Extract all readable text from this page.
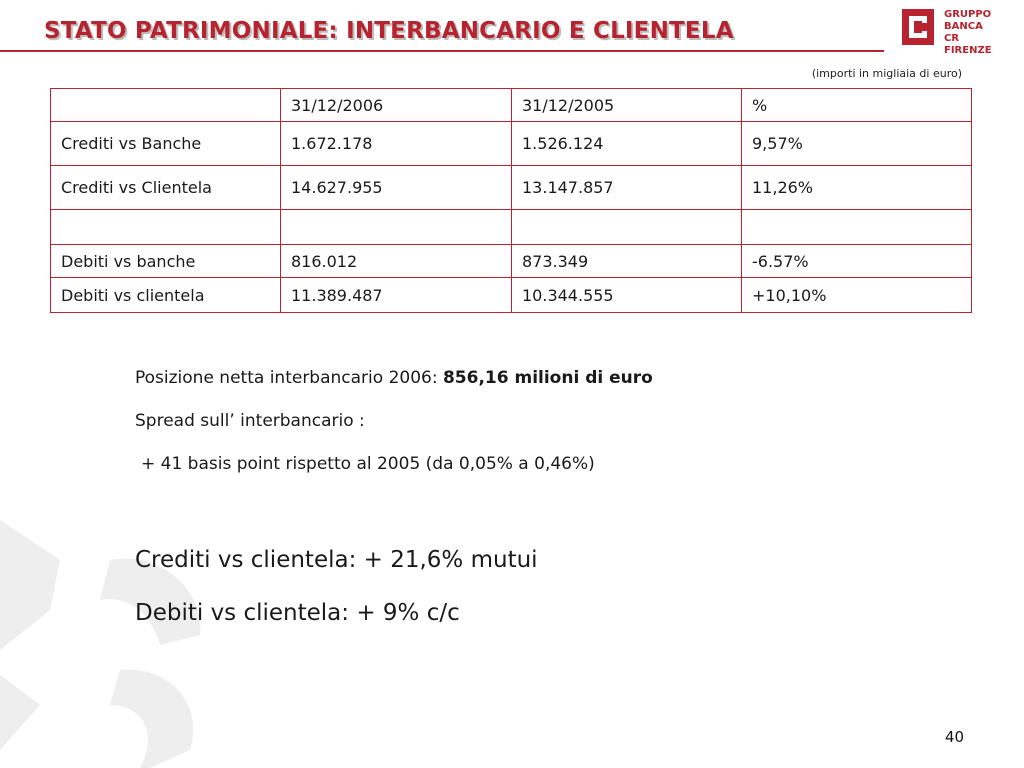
STATO PATRIMONIALE: INTERBANCARIO E CLIENTELA
GRUPPO
BANCA
CR FIRENZE
(importi in migliaia di euro)
	31/12/2006	31/12/2005	%
Crediti vs Banche	1.672.178	1.526.124	9,57%
Crediti vs Clientela	14.627.955	13.147.857	11,26%

Debiti vs banche	816.012	873.349	-6.57%
Debiti vs clientela	11.389.487	10.344.555	+10,10%

Posizione netta interbancario 2006: 856,16 milioni di euro

Spread sull’ interbancario :

+ 41 basis point rispetto al 2005 (da 0,05% a 0,46%)

Crediti vs clientela: + 21,6% mutui
Debiti vs clientela: + 9% c/c
40
